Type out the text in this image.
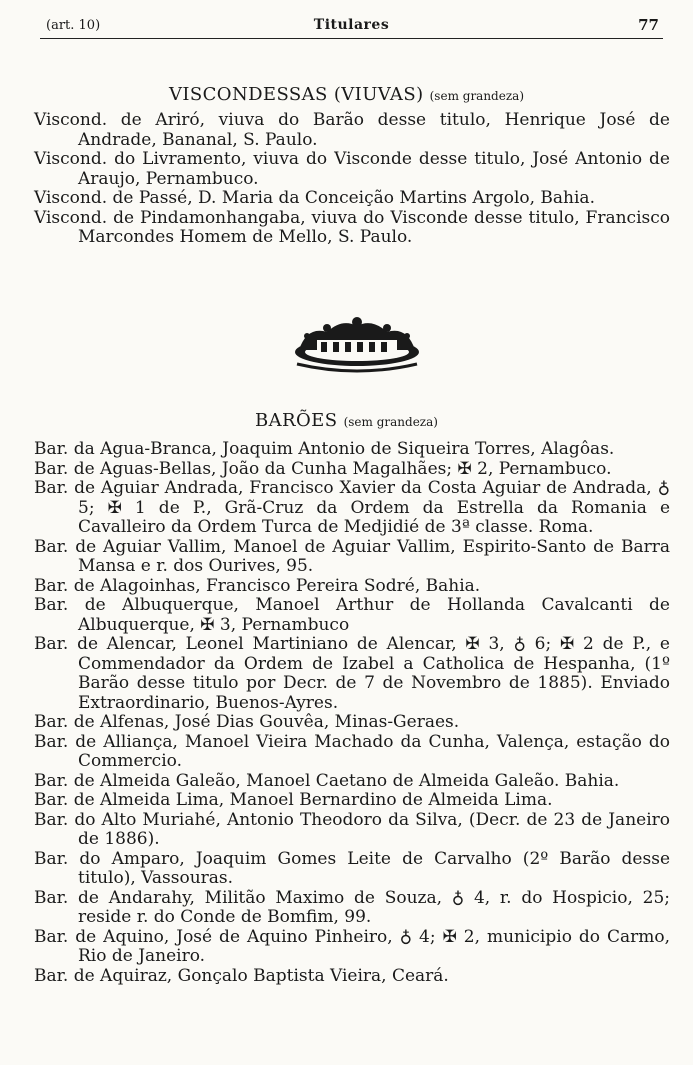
(art. 10)	Titulares	77
VISCONDESSAS (VIUVAS) (sem grandeza)
Viscond. de Ariró, viuva do Barão desse titulo, Henrique José de Andrade, Bananal, S. Paulo.
Viscond. do Livramento, viuva do Visconde desse titulo, José Antonio de Araujo, Pernambuco.
Viscond. de Passé, D. Maria da Conceição Martins Argolo, Bahia.
Viscond. de Pindamonhangaba, viuva do Visconde desse titulo, Francisco Marcondes Homem de Mello, S. Paulo.
BARÕES (sem grandeza)
Bar. da Agua-Branca, Joaquim Antonio de Siqueira Torres, Alagôas.
Bar. de Aguas-Bellas, João da Cunha Magalhães; ✠ 2, Pernambuco.
Bar. de Aguiar Andrada, Francisco Xavier da Costa Aguiar de Andrada, ♁ 5; ✠ 1 de P., Grã-Cruz da Ordem da Estrella da Romania e Cavalleiro da Ordem Turca de Medjidié de 3ª classe. Roma.
Bar. de Aguiar Vallim, Manoel de Aguiar Vallim, Espirito-Santo de Barra Mansa e r. dos Ourives, 95.
Bar. de Alagoinhas, Francisco Pereira Sodré, Bahia.
Bar. de Albuquerque, Manoel Arthur de Hollanda Cavalcanti de Albuquerque, ✠ 3, Pernambuco
Bar. de Alencar, Leonel Martiniano de Alencar, ✠ 3, ♁ 6; ✠ 2 de P., e Commendador da Ordem de Izabel a Catholica de Hespanha, (1º Barão desse titulo por Decr. de 7 de Novembro de 1885). Enviado Extraordinario, Buenos-Ayres.
Bar. de Alfenas, José Dias Gouvêa, Minas-Geraes.
Bar. de Alliança, Manoel Vieira Machado da Cunha, Valença, estação do Commercio.
Bar. de Almeida Galeão, Manoel Caetano de Almeida Galeão. Bahia.
Bar. de Almeida Lima, Manoel Bernardino de Almeida Lima.
Bar. do Alto Muriahé, Antonio Theodoro da Silva, (Decr. de 23 de Janeiro de 1886).
Bar. do Amparo, Joaquim Gomes Leite de Carvalho (2º Barão desse titulo), Vassouras.
Bar. de Andarahy, Militão Maximo de Souza, ♁ 4, r. do Hospicio, 25; reside r. do Conde de Bomfim, 99.
Bar. de Aquino, José de Aquino Pinheiro, ♁ 4; ✠ 2, municipio do Carmo, Rio de Janeiro.
Bar. de Aquiraz, Gonçalo Baptista Vieira, Ceará.
